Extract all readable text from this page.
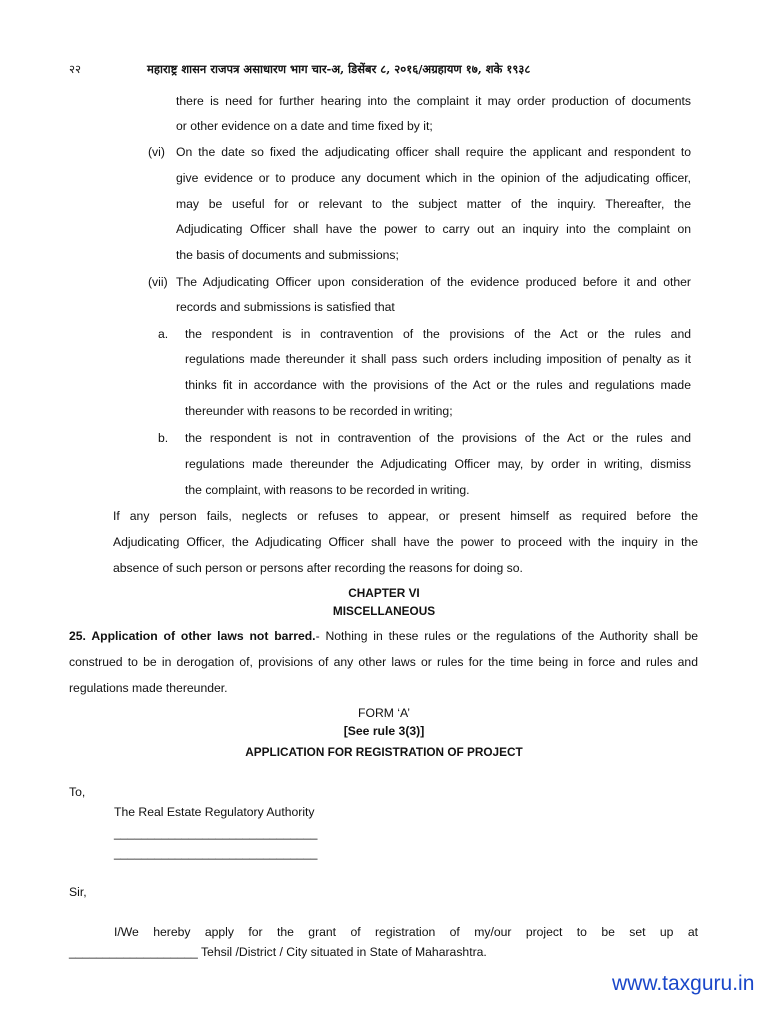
२२	महाराष्ट्र शासन राजपत्र असाधारण भाग चार-अ, डिसेंबर ८, २०१६/अग्रहायण १७, शके १९३८
there is need for further hearing into the complaint it may order production of documents
or other evidence on a date and time fixed by it;
(vi) On the date so fixed the adjudicating officer shall require the applicant and respondent to
give evidence or to produce any document which in the opinion of the adjudicating officer,
may be useful for or relevant to the subject matter of the inquiry. Thereafter, the
Adjudicating Officer shall have the power to carry out an inquiry into the complaint on
the basis of documents and submissions;
(vii) The Adjudicating Officer upon consideration of the evidence produced before it and other
records and submissions is satisfied that
a. the respondent is in contravention of the provisions of the Act or the rules and
regulations made thereunder it shall pass such orders including imposition of penalty as it
thinks fit in accordance with the provisions of the Act or the rules and regulations made
thereunder with reasons to be recorded in writing;
b. the respondent is not in contravention of the provisions of the Act or the rules and
regulations made thereunder the Adjudicating Officer may, by order in writing, dismiss
the complaint, with reasons to be recorded in writing.
If any person fails, neglects or refuses to appear, or present himself as required before the
Adjudicating Officer, the Adjudicating Officer shall have the power to proceed with the inquiry in the
absence of such person or persons after recording the reasons for doing so.
CHAPTER VI
MISCELLANEOUS
25. Application of other laws not barred.- Nothing in these rules or the regulations of the Authority shall be
construed to be in derogation of, provisions of any other laws or rules for the time being in force and rules and
regulations made thereunder.
FORM ‘A’
[See rule 3(3)]
APPLICATION FOR REGISTRATION OF PROJECT
To,
The Real Estate Regulatory Authority
______________________________
______________________________
Sir,
I/We hereby apply for the grant of registration of my/our project to be set up at
___________________ Tehsil /District / City situated in State of Maharashtra.
www.taxguru.in
